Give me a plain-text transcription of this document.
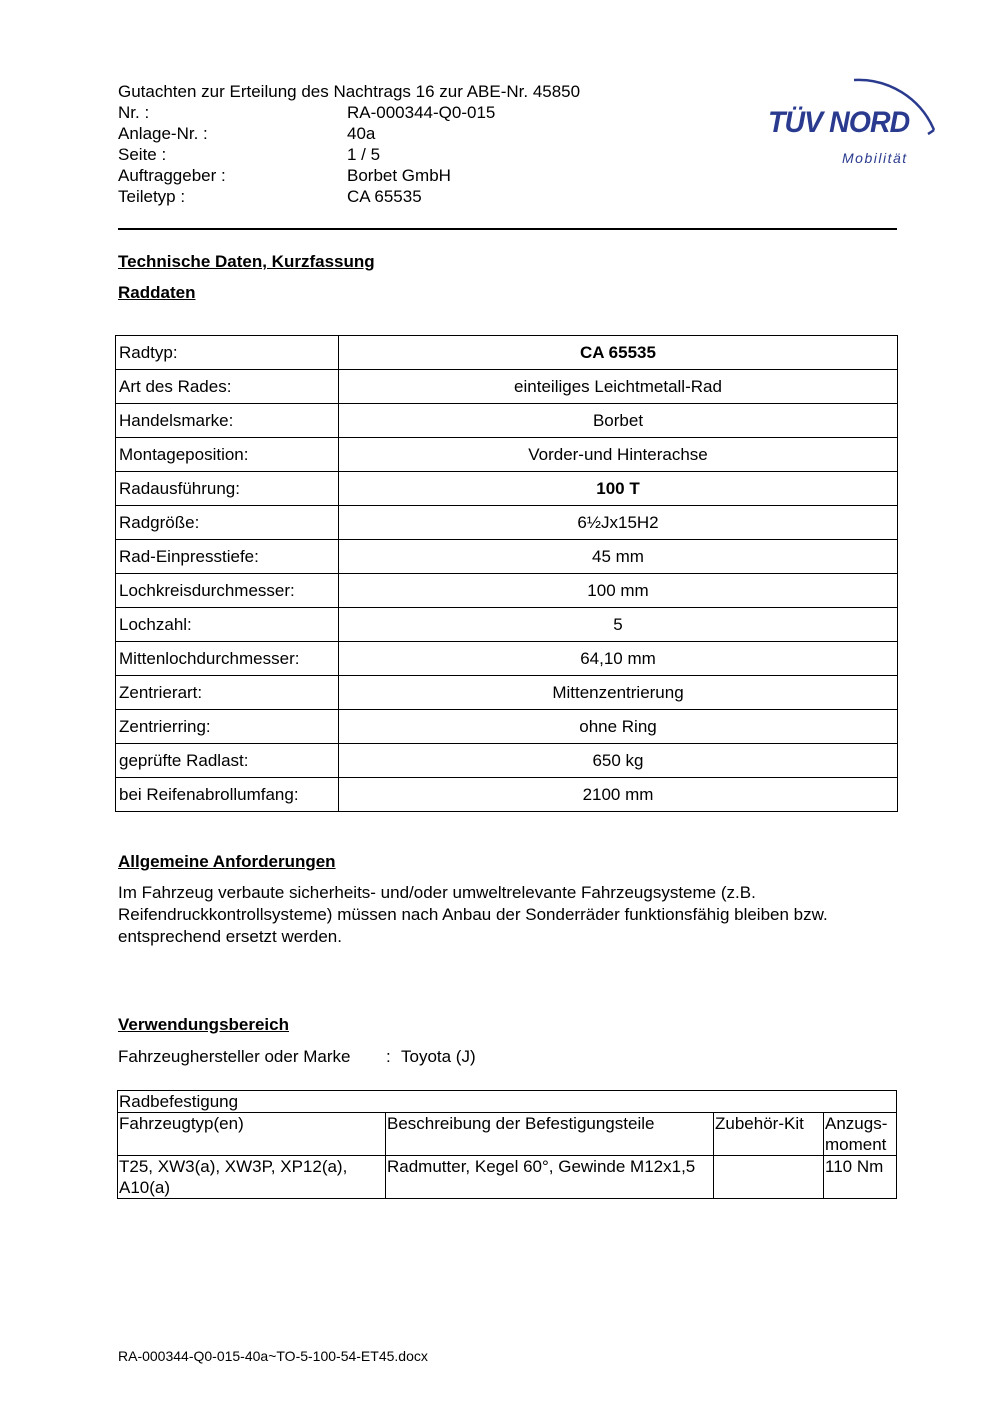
Gutachten zur Erteilung des Nachtrags 16 zur ABE-Nr. 45850
Nr. :	RA-000344-Q0-015
Anlage-Nr. :	40a
Seite :	1 / 5
Auftraggeber :	Borbet GmbH
Teiletyp :	CA 65535
TÜV NORD
Mobilität
Technische Daten, Kurzfassung
Raddaten
Radtyp:	CA 65535
Art des Rades:	einteiliges Leichtmetall-Rad
Handelsmarke:	Borbet
Montageposition:	Vorder-und Hinterachse
Radausführung:	100 T
Radgröße:	6½Jx15H2
Rad-Einpresstiefe:	45 mm
Lochkreisdurchmesser:	100 mm
Lochzahl:	5
Mittenlochdurchmesser:	64,10 mm
Zentrierart:	Mittenzentrierung
Zentrierring:	ohne Ring
geprüfte Radlast:	650 kg
bei Reifenabrollumfang:	2100 mm
Allgemeine Anforderungen
Im Fahrzeug verbaute sicherheits- und/oder umweltrelevante Fahrzeugsysteme (z.B. Reifendruckkontrollsysteme) müssen nach Anbau der Sonderräder funktionsfähig bleiben bzw. entsprechend ersetzt werden.
Verwendungsbereich
Fahrzeughersteller oder Marke	: Toyota (J)
Radbefestigung			
Fahrzeugtyp(en)	Beschreibung der Befestigungsteile	Zubehör-Kit	Anzugs-moment
T25, XW3(a), XW3P, XP12(a), A10(a)	Radmutter, Kegel 60°, Gewinde M12x1,5		110 Nm
RA-000344-Q0-015-40a~TO-5-100-54-ET45.docx
